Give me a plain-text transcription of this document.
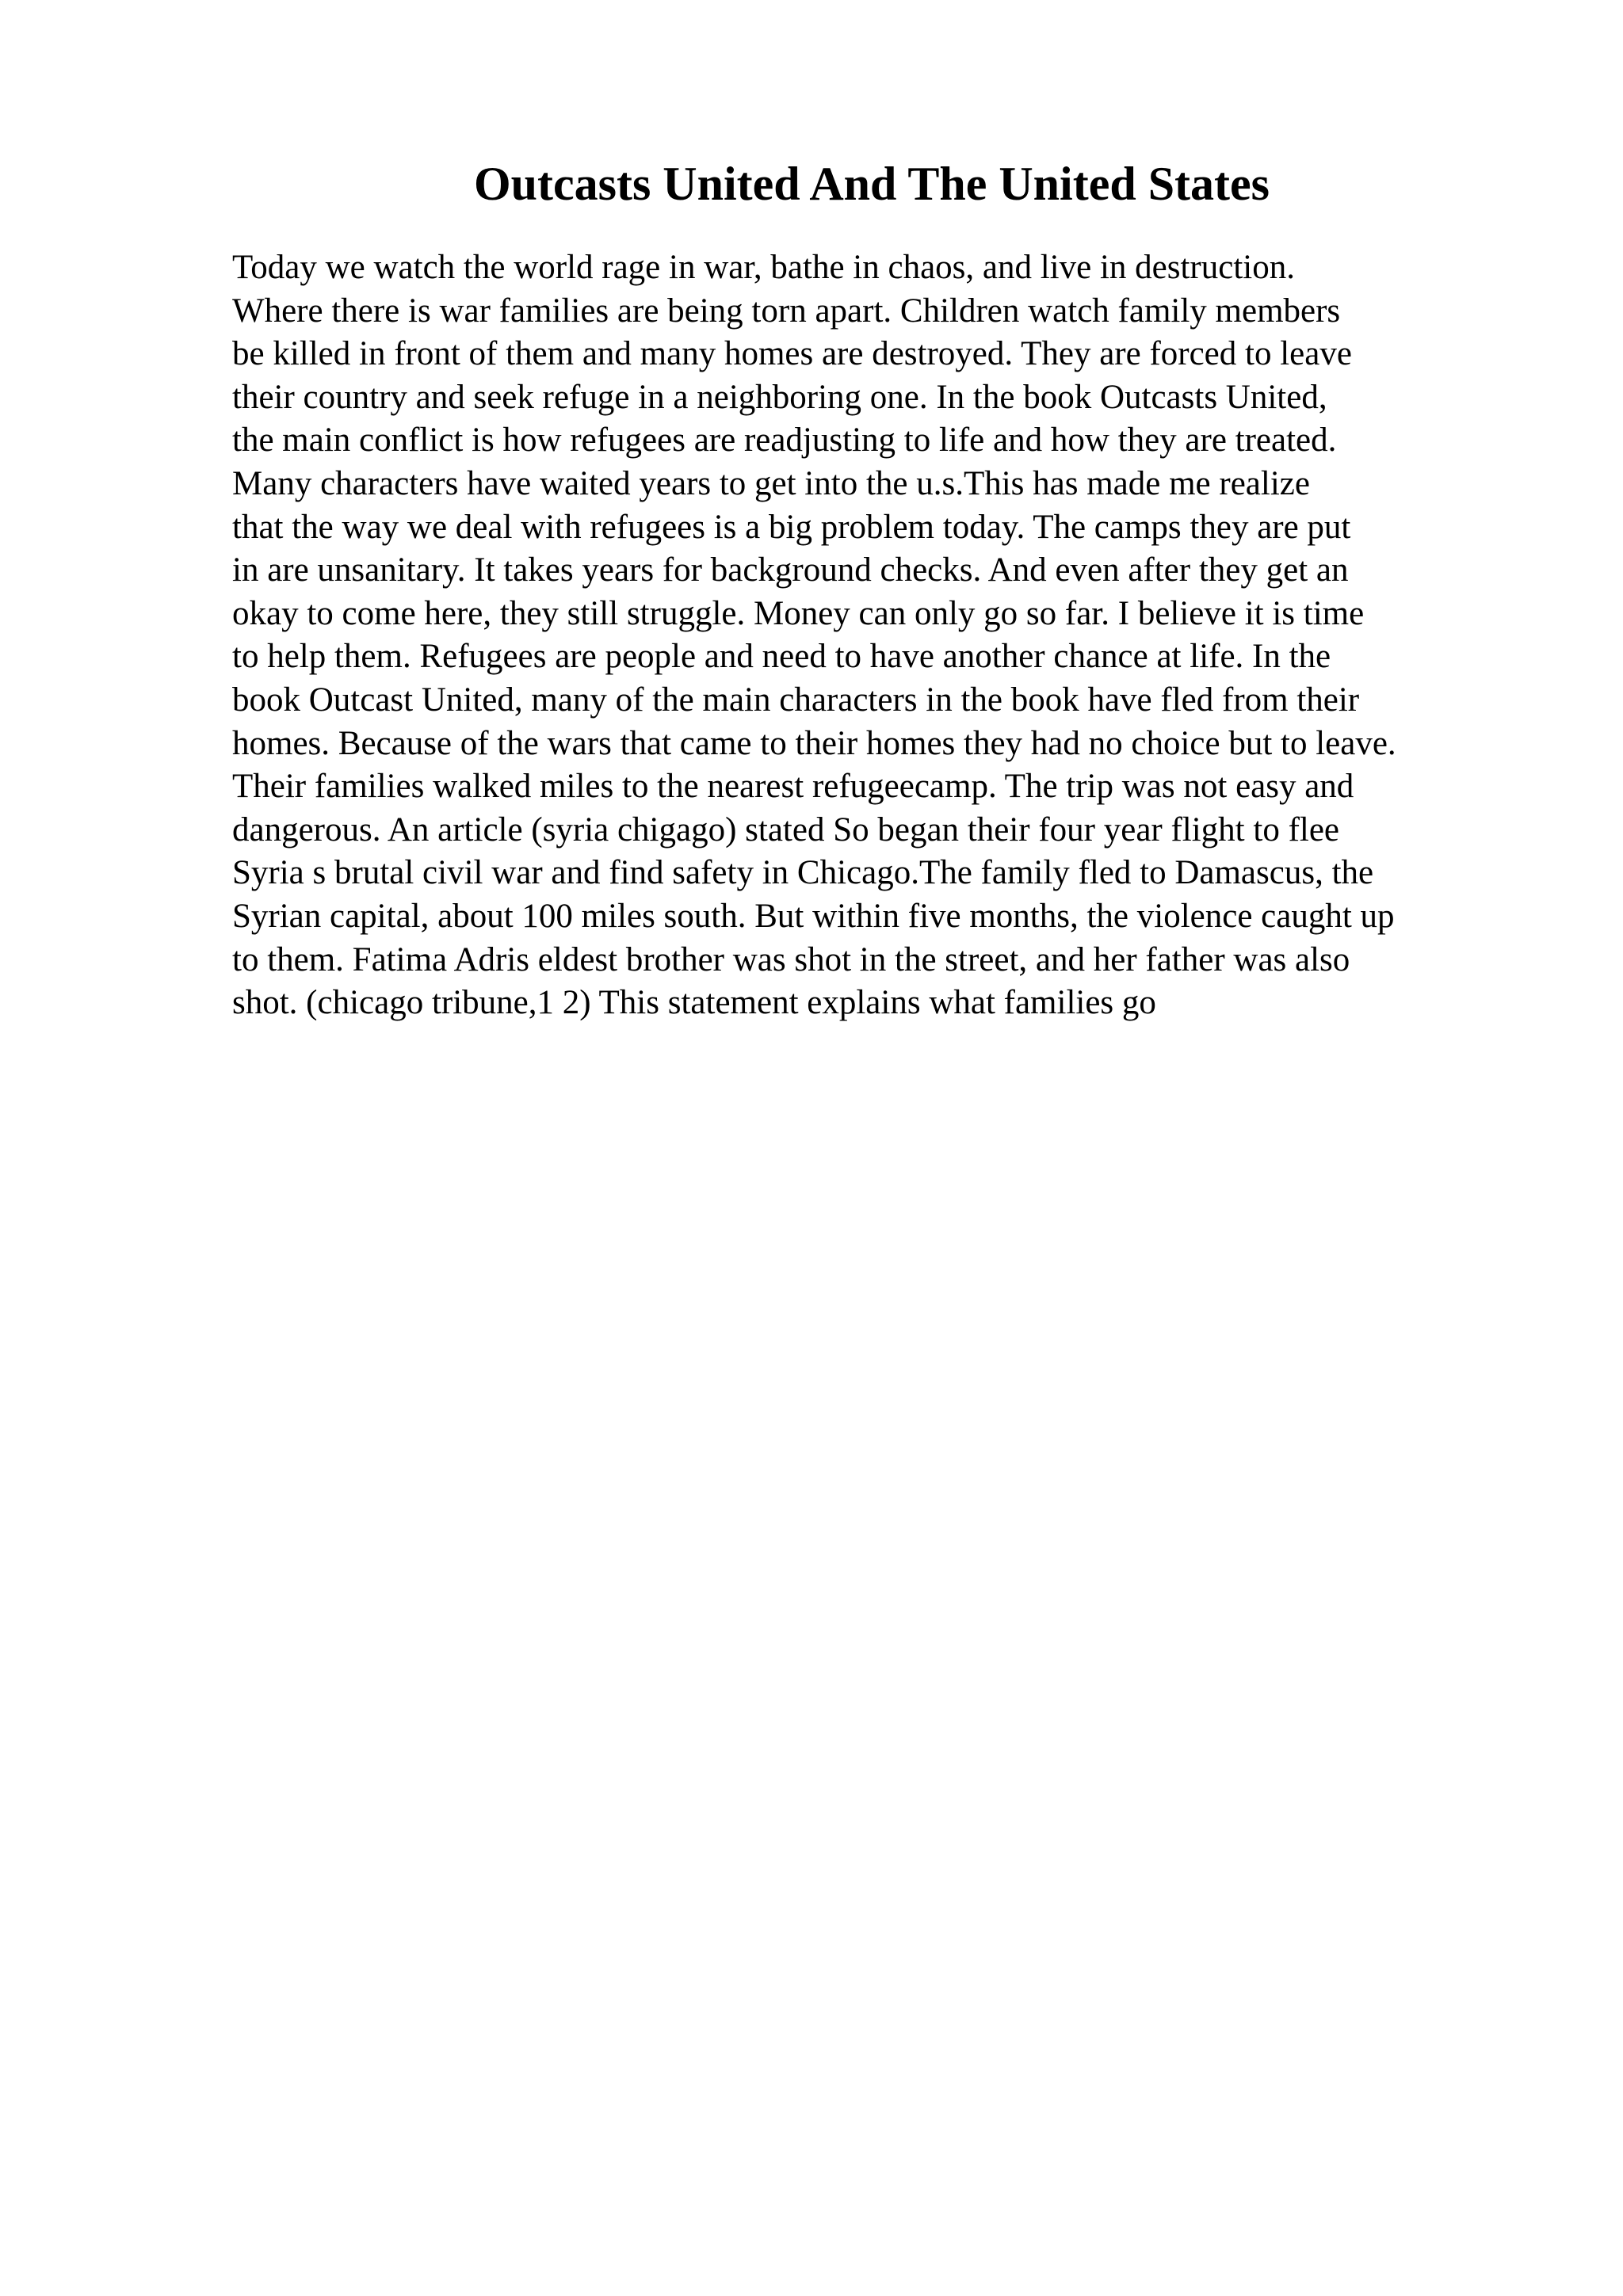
Outcasts United And The United States
Today we watch the world rage in war, bathe in chaos, and live in destruction.
Where there is war families are being torn apart. Children watch family members
be killed in front of them and many homes are destroyed. They are forced to leave
their country and seek refuge in a neighboring one. In the book Outcasts United,
the main conflict is how refugees are readjusting to life and how they are treated.
Many characters have waited years to get into the u.s.This has made me realize
that the way we deal with refugees is a big problem today. The camps they are put
in are unsanitary. It takes years for background checks. And even after they get an
okay to come here, they still struggle. Money can only go so far. I believe it is time
to help them. Refugees are people and need to have another chance at life. In the
book Outcast United, many of the main characters in the book have fled from their
homes. Because of the wars that came to their homes they had no choice but to leave.
Their families walked miles to the nearest refugeecamp. The trip was not easy and
dangerous. An article (syria chigago) stated So began their four year flight to flee
Syria s brutal civil war and find safety in Chicago.The family fled to Damascus, the
Syrian capital, about 100 miles south. But within five months, the violence caught up
to them. Fatima Adris eldest brother was shot in the street, and her father was also
shot. (chicago tribune,1 2) This statement explains what families go
